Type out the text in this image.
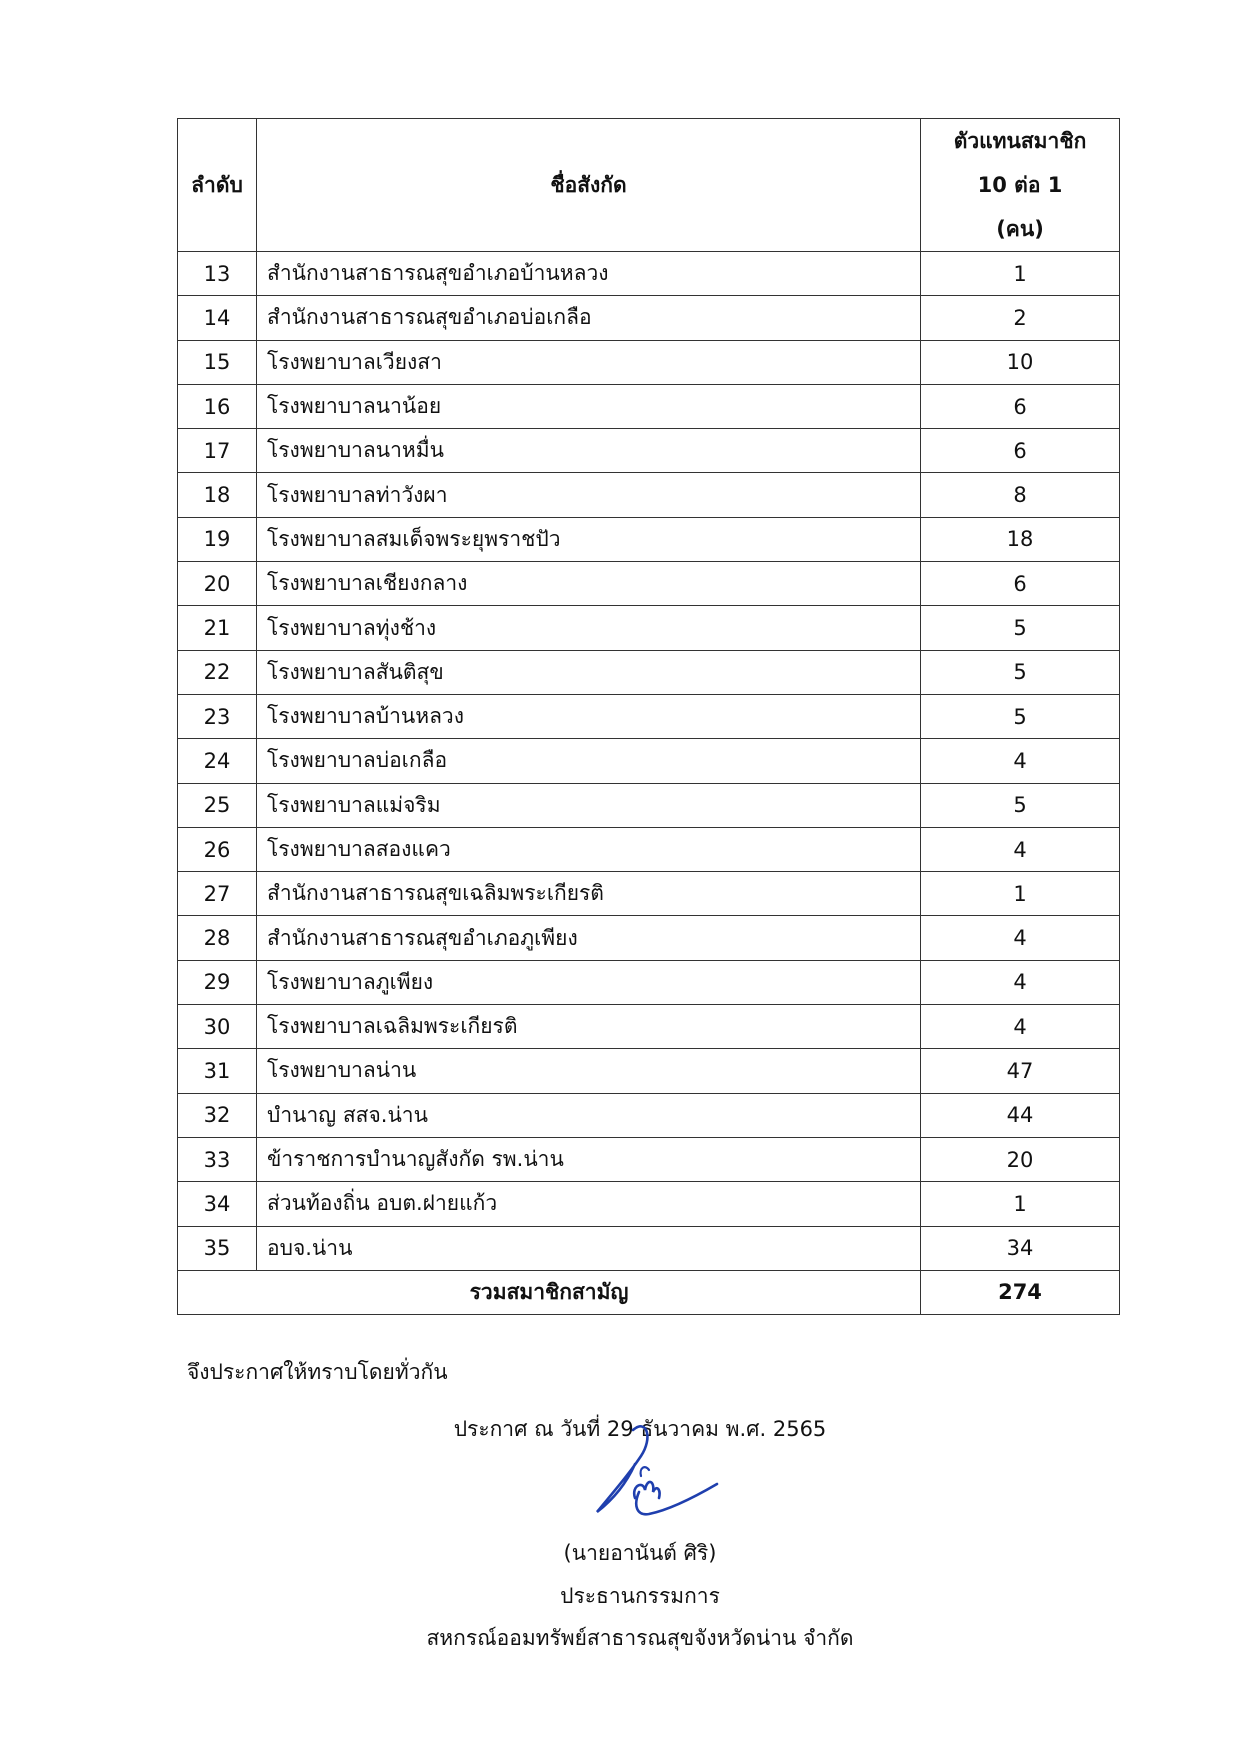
ลำดับ	ชื่อสังกัด	ตัวแทนสมาชิก
10 ต่อ 1
(คน)

13	สำนักงานสาธารณสุขอำเภอบ้านหลวง	1
14	สำนักงานสาธารณสุขอำเภอบ่อเกลือ	2
15	โรงพยาบาลเวียงสา	10
16	โรงพยาบาลนาน้อย	6
17	โรงพยาบาลนาหมื่น	6
18	โรงพยาบาลท่าวังผา	8
19	โรงพยาบาลสมเด็จพระยุพราชปัว	18
20	โรงพยาบาลเชียงกลาง	6
21	โรงพยาบาลทุ่งช้าง	5
22	โรงพยาบาลสันติสุข	5
23	โรงพยาบาลบ้านหลวง	5
24	โรงพยาบาลบ่อเกลือ	4
25	โรงพยาบาลแม่จริม	5
26	โรงพยาบาลสองแคว	4
27	สำนักงานสาธารณสุขเฉลิมพระเกียรติ	1
28	สำนักงานสาธารณสุขอำเภอภูเพียง	4
29	โรงพยาบาลภูเพียง	4
30	โรงพยาบาลเฉลิมพระเกียรติ	4
31	โรงพยาบาลน่าน	47
32	บำนาญ สสจ.น่าน	44
33	ข้าราชการบำนาญสังกัด รพ.น่าน	20
34	ส่วนท้องถิ่น อบต.ฝายแก้ว	1
35	อบจ.น่าน	34
รวมสมาชิกสามัญ		274
จึงประกาศให้ทราบโดยทั่วกัน
ประกาศ ณ วันที่ 29 ธันวาคม พ.ศ. 2565
(นายอานันต์ ศิริ)
ประธานกรรมการ
สหกรณ์ออมทรัพย์สาธารณสุขจังหวัดน่าน จำกัด
